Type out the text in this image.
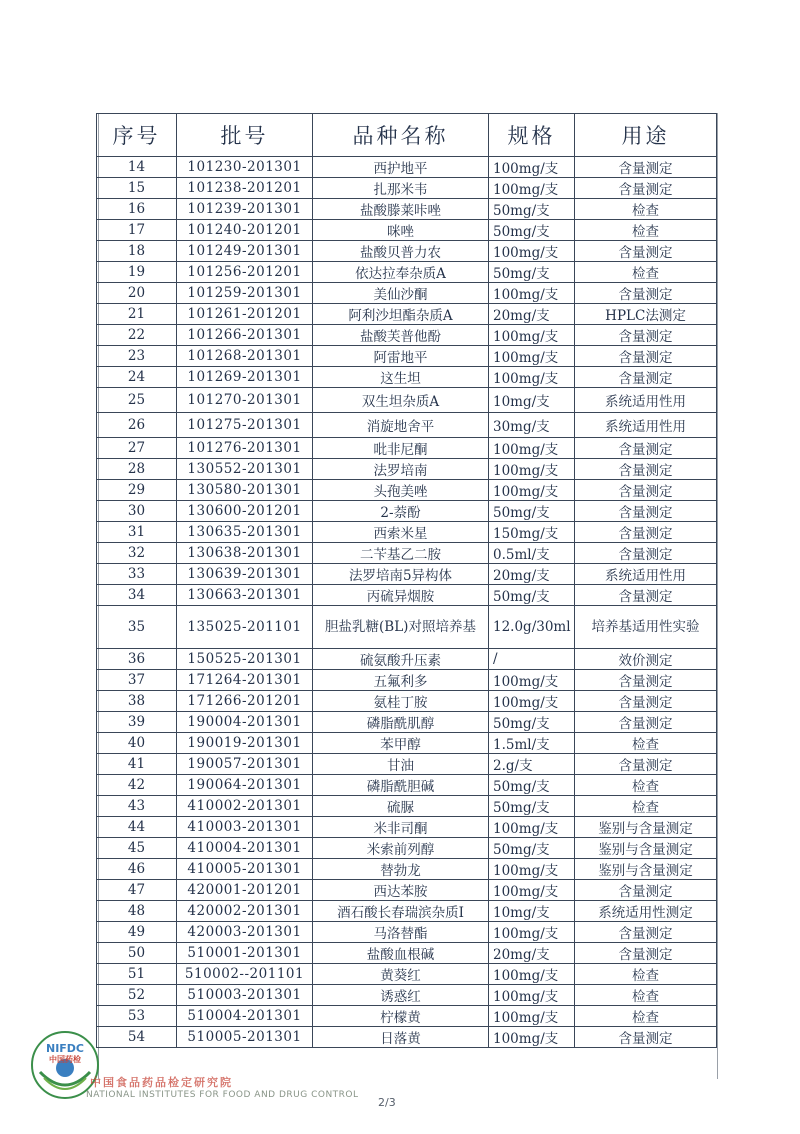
序号	批号	品种名称	规格	用途
14	101230-201301	西护地平	100mg/支	含量测定
15	101238-201201	扎那米韦	100mg/支	含量测定
16	101239-201301	盐酸滕莱咔唑	50mg/支	检查
17	101240-201201	咪唑	50mg/支	检查
18	101249-201301	盐酸贝普力农	100mg/支	含量测定
19	101256-201201	依达拉奉杂质A	50mg/支	检查
20	101259-201301	美仙沙酮	100mg/支	含量测定
21	101261-201201	阿利沙坦酯杂质A	20mg/支	HPLC法测定
22	101266-201301	盐酸芙普他酚	100mg/支	含量测定
23	101268-201301	阿雷地平	100mg/支	含量测定
24	101269-201301	这生坦	100mg/支	含量测定
25	101270-201301	双生坦杂质A	10mg/支	系统适用性用
26	101275-201301	消旋地舍平	30mg/支	系统适用性用
27	101276-201301	吡非尼酮	100mg/支	含量测定
28	130552-201301	法罗培南	100mg/支	含量测定
29	130580-201301	头孢美唑	100mg/支	含量测定
30	130600-201201	2-萘酚	50mg/支	含量测定
31	130635-201301	西索米星	150mg/支	含量测定
32	130638-201301	二苄基乙二胺	0.5ml/支	含量测定
33	130639-201301	法罗培南5异构体	20mg/支	系统适用性用
34	130663-201301	丙硫异烟胺	50mg/支	含量测定
35	135025-201101	胆盐乳糖(BL)对照培养基	12.0g/30ml	培养基适用性实验
36	150525-201301	硫氨酸升压素	/	效价测定
37	171264-201301	五氟利多	100mg/支	含量测定
38	171266-201201	氨桂丁胺	100mg/支	含量测定
39	190004-201301	磷脂酰肌醇	50mg/支	含量测定
40	190019-201301	苯甲醇	1.5ml/支	检查
41	190057-201301	甘油	2.g/支	含量测定
42	190064-201301	磷脂酰胆碱	50mg/支	检查
43	410002-201301	硫脲	50mg/支	检查
44	410003-201301	米非司酮	100mg/支	鉴别与含量测定
45	410004-201301	米索前列醇	50mg/支	鉴别与含量测定
46	410005-201301	替勃龙	100mg/支	鉴别与含量测定
47	420001-201201	西达苯胺	100mg/支	含量测定
48	420002-201301	酒石酸长春瑞滨杂质I	10mg/支	系统适用性测定
49	420003-201301	马洛替酯	100mg/支	含量测定
50	510001-201301	盐酸血根碱	20mg/支	含量测定
51	510002--201101	黄葵红	100mg/支	检查
52	510003-201301	诱惑红	100mg/支	检查
53	510004-201301	柠檬黄	100mg/支	检查
54	510005-201301	日落黄	100mg/支	含量测定
NIFDC
中国药检
中国食品药品检定研究院
NATIONAL INSTITUTES FOR FOOD AND DRUG CONTROL
2/3
